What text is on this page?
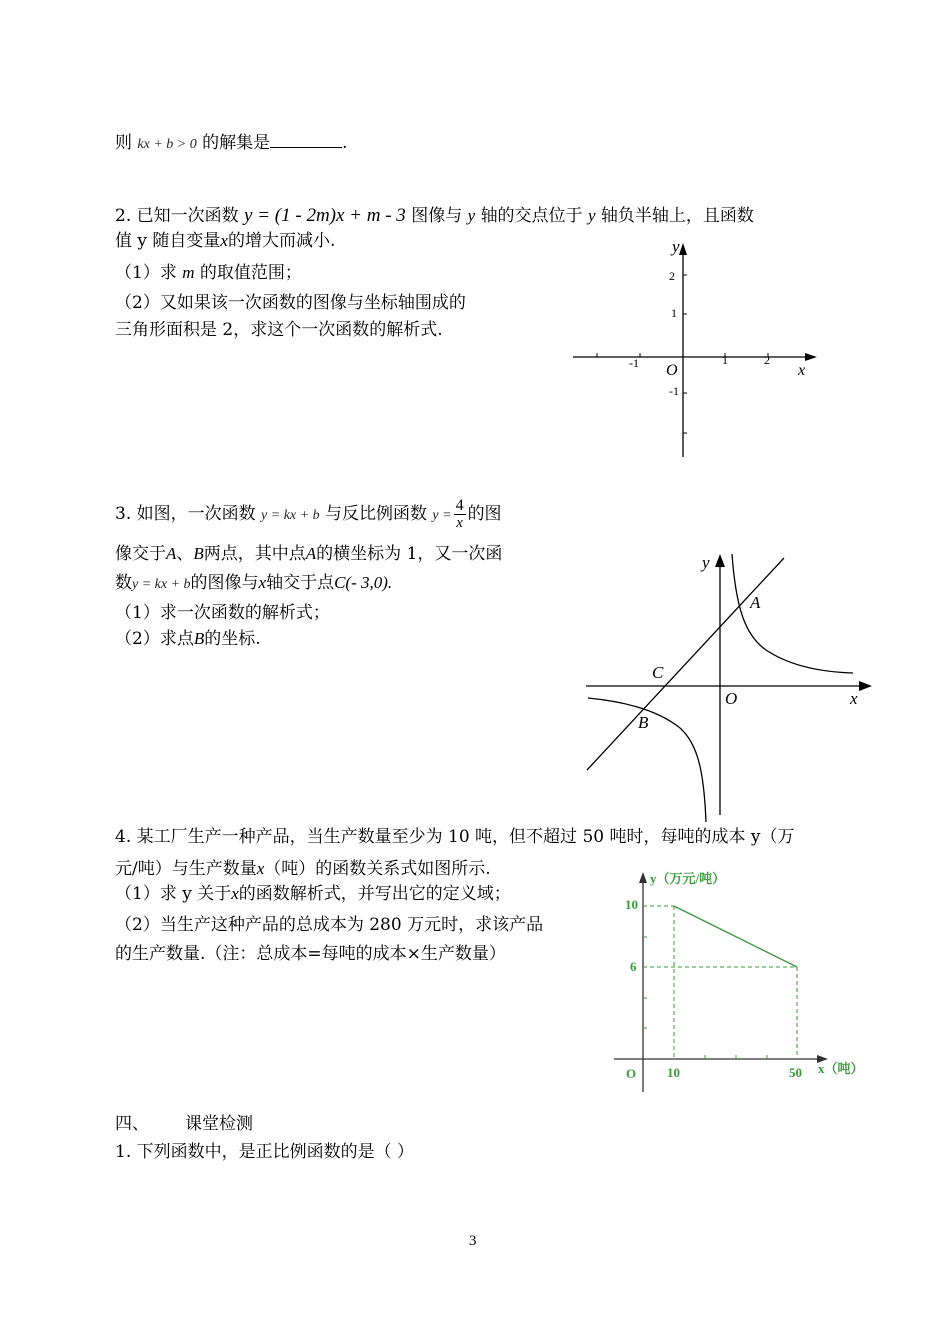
则 kx + b > 0 的解集是	.
2. 已知一次函数 y = (1 - 2m)x + m - 3 图像与 y 轴的交点位于 y 轴负半轴上，且函数
值 y 随自变量x的增大而减小.
（1）求 m 的取值范围；
（2）又如果该一次函数的图像与坐标轴围成的
三角形面积是 2，求这个一次函数的解析式.
y
x
O
2
1
-1
-1	1	2
3. 如图，一次函数 y = kx + b 与反比例函数 $y = \frac{4}{x}$ 的图
像交于A、B两点，其中点A的横坐标为 1，又一次函
数y = kx + b的图像与x轴交于点C(- 3,0).
（1）求一次函数的解析式；
（2）求点B的坐标.
y
x
O
A
B
C
4. 某工厂生产一种产品，当生产数量至少为 10 吨，但不超过 50 吨时，每吨的成本 y（万
元/吨）与生产数量x（吨）的函数关系式如图所示.
（1）求 y 关于x的函数解析式，并写出它的定义域；
（2）当生产这种产品的总成本为 280 万元时，求该产品
的生产数量.（注：总成本=每吨的成本×生产数量）
y（万元/吨）
x（吨）
O
10
6
10	50
四、 课堂检测
1. 下列函数中，是正比例函数的是（ ）
3
